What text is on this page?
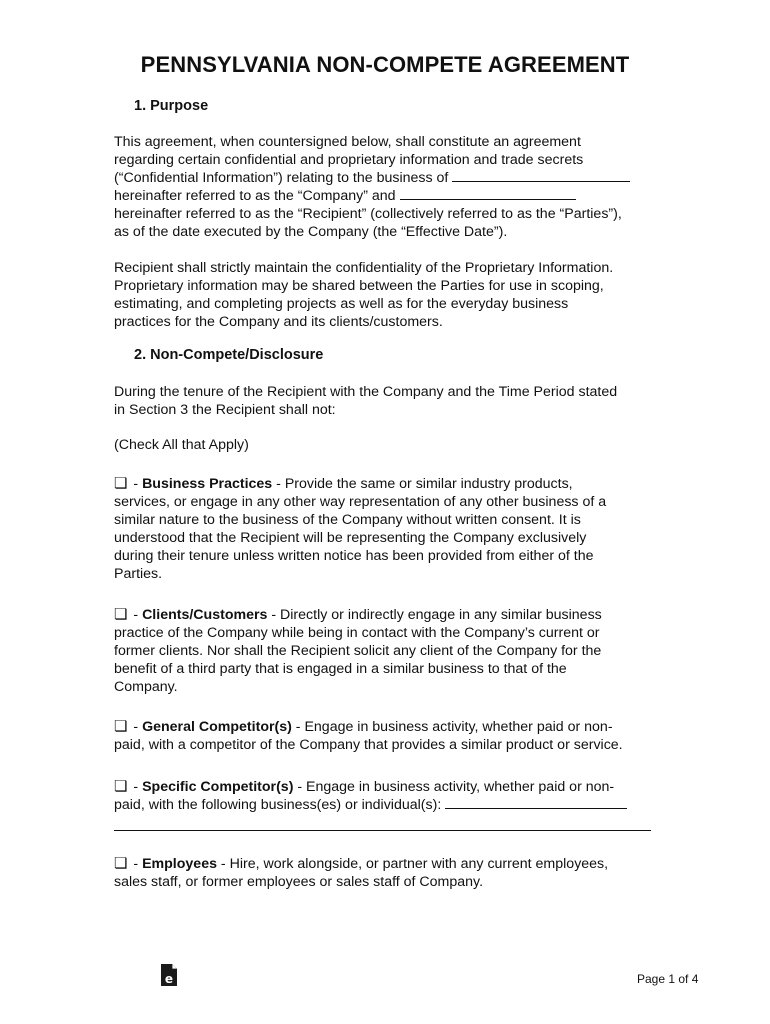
PENNSYLVANIA NON-COMPETE AGREEMENT
1. Purpose
This agreement, when countersigned below, shall constitute an agreement
regarding certain confidential and proprietary information and trade secrets
(“Confidential Information”) relating to the business of
hereinafter referred to as the “Company” and
hereinafter referred to as the “Recipient” (collectively referred to as the “Parties”),
as of the date executed by the Company (the “Effective Date”).
Recipient shall strictly maintain the confidentiality of the Proprietary Information.
Proprietary information may be shared between the Parties for use in scoping,
estimating, and completing projects as well as for the everyday business
practices for the Company and its clients/customers.
2. Non-Compete/Disclosure
During the tenure of the Recipient with the Company and the Time Period stated
in Section 3 the Recipient shall not:
(Check All that Apply)
❏ - Business Practices - Provide the same or similar industry products,
services, or engage in any other way representation of any other business of a
similar nature to the business of the Company without written consent. It is
understood that the Recipient will be representing the Company exclusively
during their tenure unless written notice has been provided from either of the
Parties.
❏ - Clients/Customers - Directly or indirectly engage in any similar business
practice of the Company while being in contact with the Company’s current or
former clients. Nor shall the Recipient solicit any client of the Company for the
benefit of a third party that is engaged in a similar business to that of the
Company.
❏ - General Competitor(s) - Engage in business activity, whether paid or non-
paid, with a competitor of the Company that provides a similar product or service.
❏ - Specific Competitor(s) - Engage in business activity, whether paid or non-
paid, with the following business(es) or individual(s):
❏ - Employees - Hire, work alongside, or partner with any current employees,
sales staff, or former employees or sales staff of Company.
e	Page 1 of 4
